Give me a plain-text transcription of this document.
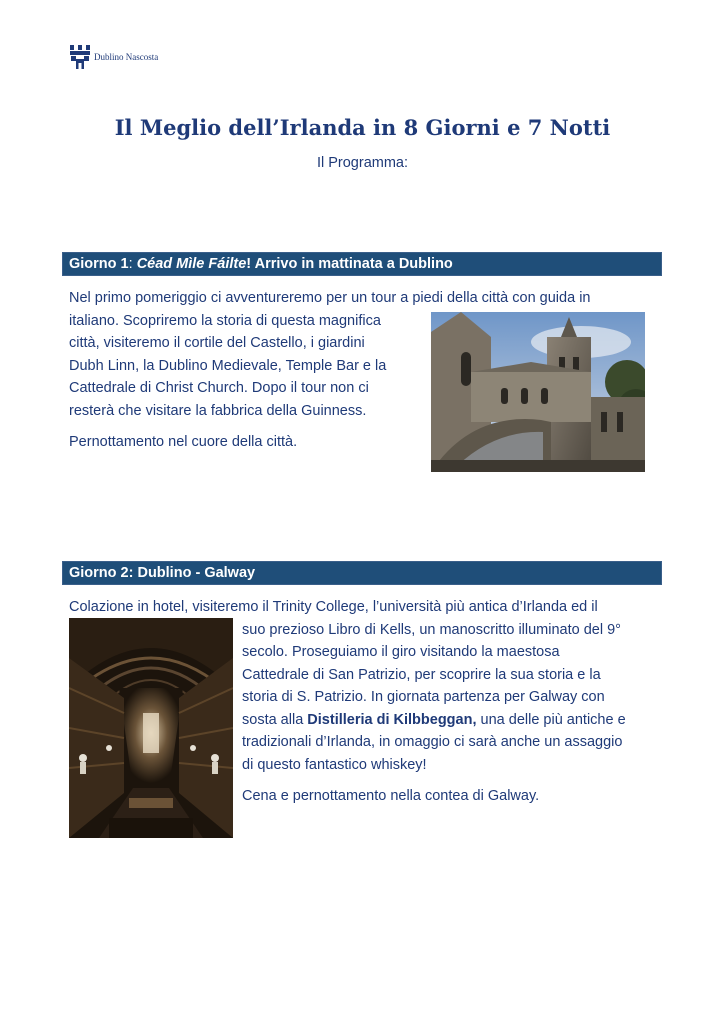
Dublino Nascosta
Il Meglio dell’Irlanda in 8 Giorni e 7 Notti
Il Programma:
Giorno 1: Céad Mìle Fáilte! Arrivo in mattinata a Dublino

Nel primo pomeriggio ci avventureremo per un tour a piedi della città con guida in

italiano. Scopriremo la storia di questa magnifica

città, visiteremo il cortile del Castello, i giardini

Dubh Linn, la Dublino Medievale, Temple Bar e la

Cattedrale di Christ Church. Dopo il tour non ci

resterà che visitare la fabbrica della Guinness.

Pernottamento nel cuore della città.

Giorno 2: Dublino - Galway

Colazione in hotel, visiteremo il Trinity College, l’università più antica d’Irlanda ed il

suo prezioso Libro di Kells, un manoscritto illuminato del 9°

secolo. Proseguiamo il giro visitando la maestosa

Cattedrale di San Patrizio, per scoprire la sua storia e la

storia di S. Patrizio. In giornata partenza per Galway con

sosta alla Distilleria di Kilbbeggan, una delle più antiche e

tradizionali d’Irlanda, in omaggio ci sarà anche un assaggio

di questo fantastico whiskey!

Cena e pernottamento nella contea di Galway.
